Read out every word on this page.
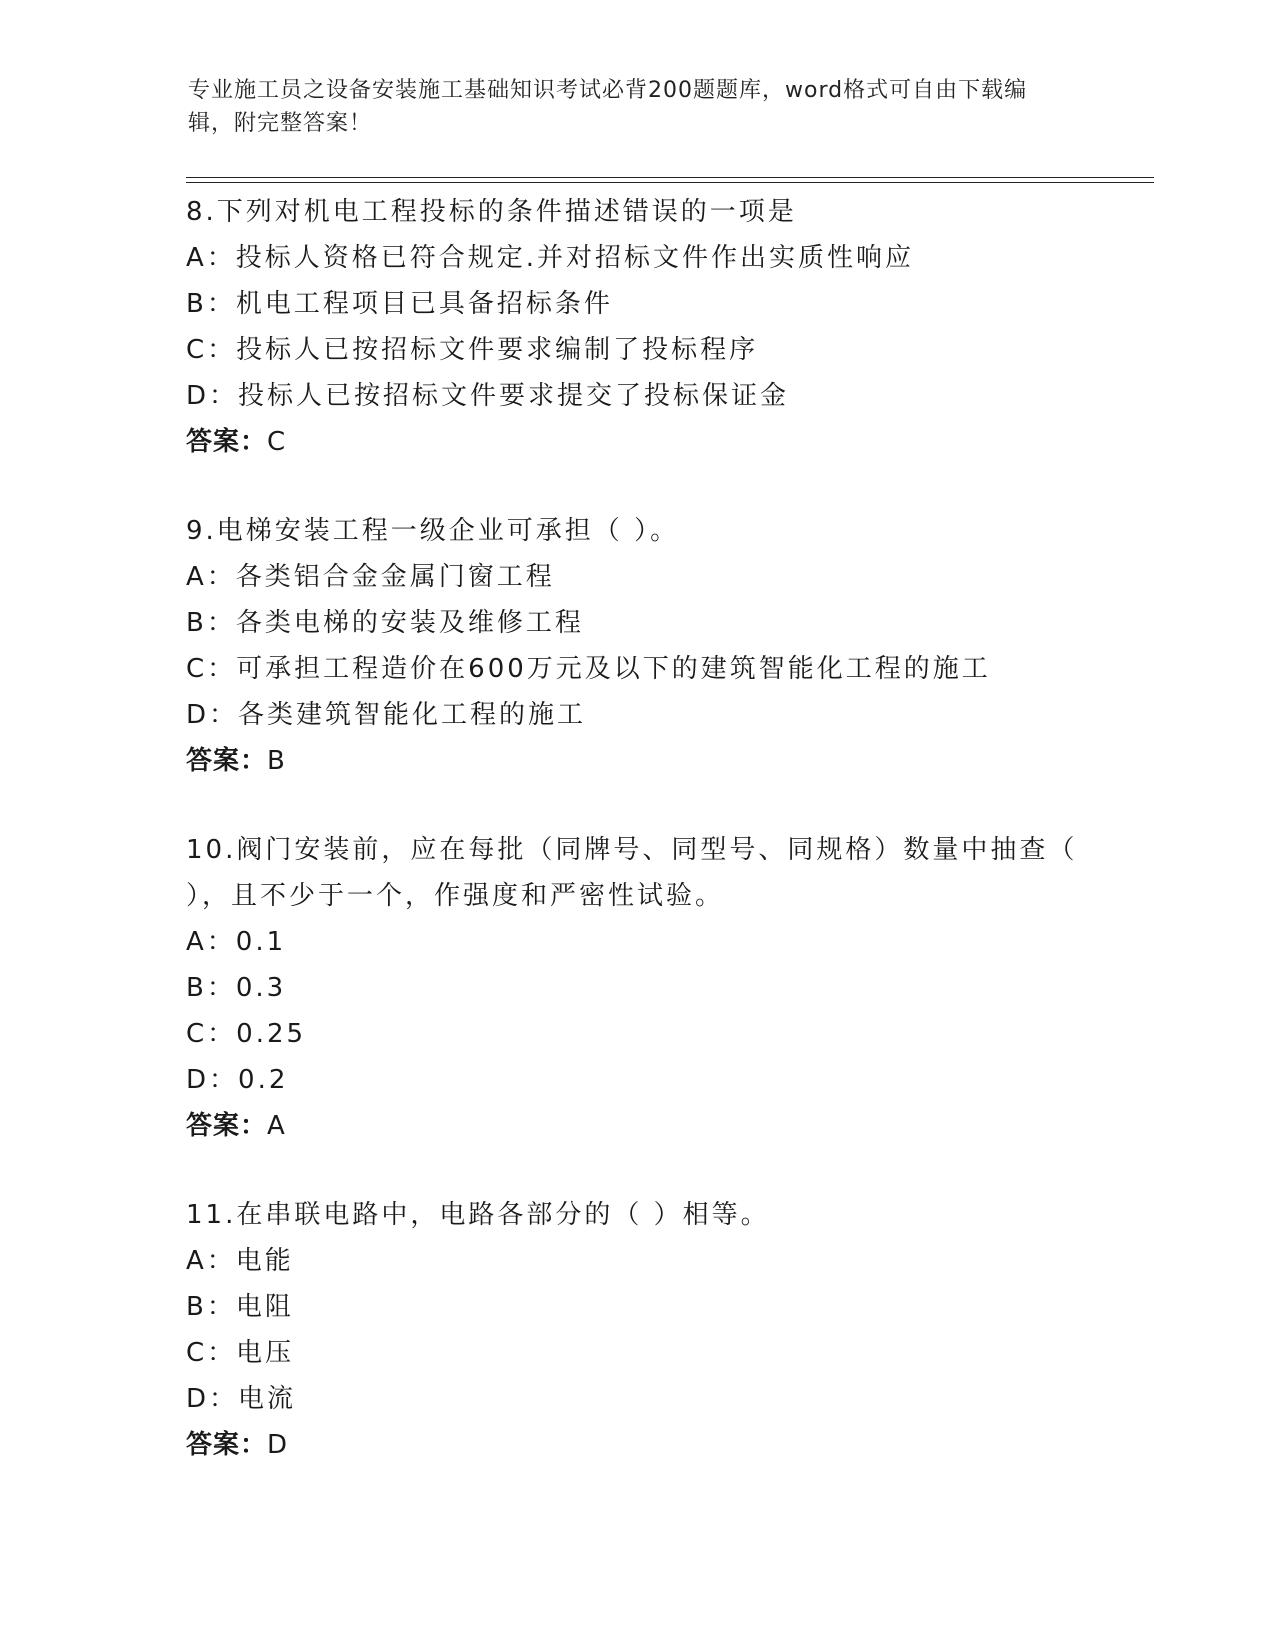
专业施工员之设备安装施工基础知识考试必背200题题库，word格式可自由下载编辑，附完整答案！

8.下列对机电工程投标的条件描述错误的一项是

A：投标人资格已符合规定.并对招标文件作出实质性响应

B：机电工程项目已具备招标条件

C：投标人已按招标文件要求编制了投标程序

D：投标人已按招标文件要求提交了投标保证金

答案：C

9.电梯安装工程一级企业可承担（ ）。

A：各类铝合金金属门窗工程

B：各类电梯的安装及维修工程

C：可承担工程造价在600万元及以下的建筑智能化工程的施工

D：各类建筑智能化工程的施工

答案：B

10.阀门安装前，应在每批（同牌号、同型号、同规格）数量中抽查（ ），且不少于一个，作强度和严密性试验。

A：0.1

B：0.3

C：0.25

D：0.2

答案：A

11.在串联电路中，电路各部分的（ ）相等。

A：电能

B：电阻

C：电压

D：电流

答案：D
